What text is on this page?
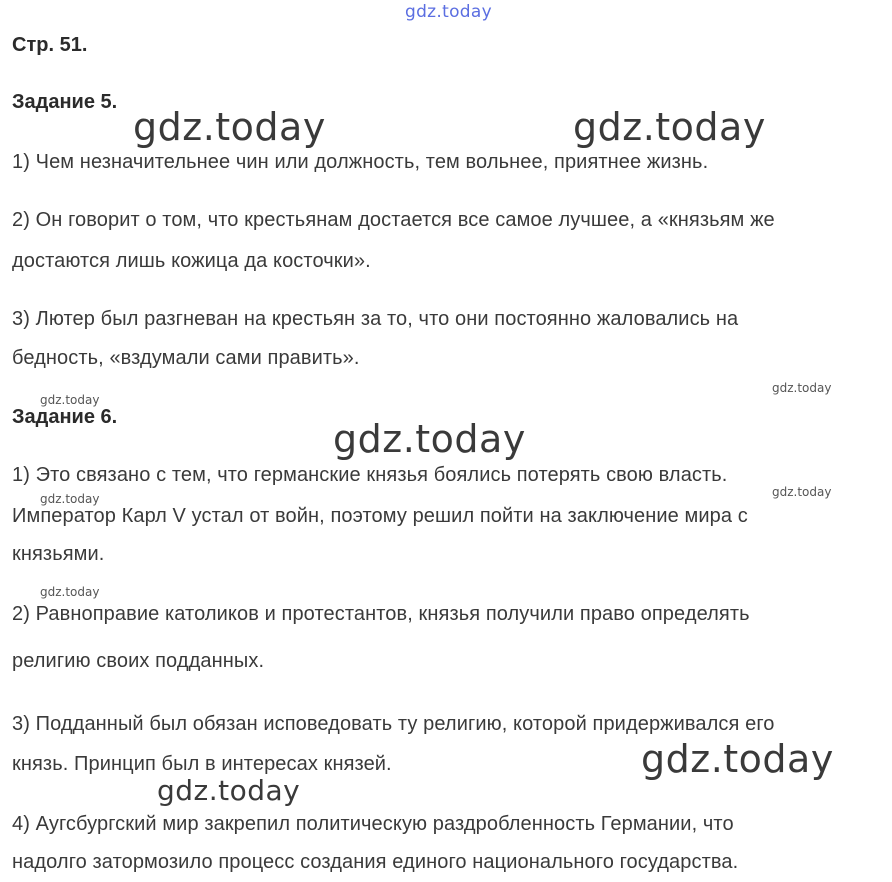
gdz.today
Стр. 51.
Задание 5.
1) Чем незначительнее чин или должность, тем вольнее, приятнее жизнь.
2) Он говорит о том, что крестьянам достается все самое лучшее, а «князьям же
достаются лишь кожица да косточки».
3) Лютер был разгневан на крестьян за то, что они постоянно жаловались на
бедность, «вздумали сами править».
Задание 6.
1) Это связано с тем, что германские князья боялись потерять свою власть.
Император Карл V устал от войн, поэтому решил пойти на заключение мира с
князьями.
2) Равноправие католиков и протестантов, князья получили право определять
религию своих подданных.
3) Подданный был обязан исповедовать ту религию, которой придерживался его
князь. Принцип был в интересах князей.
4) Аугсбургский мир закрепил политическую раздробленность Германии, что
надолго затормозило процесс создания единого национального государства.
gdz.today	gdz.today
gdz.today
gdz.today
gdz.today
gdz.today
gdz.today
gdz.today	gdz.today
gdz.today
